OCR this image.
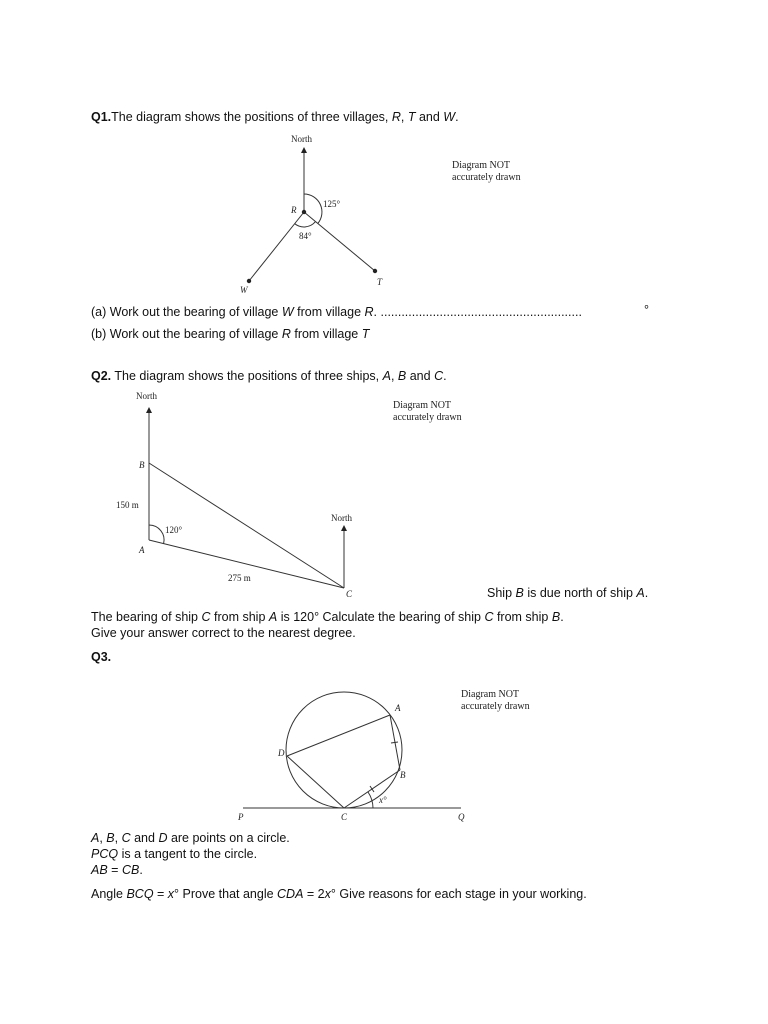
Q1.The diagram shows the positions of three villages, R, T and W.
North
125°
84°
R
W
T
Diagram NOT
accurately drawn
(a) Work out the bearing of village W from village R. ..........................................................	°
(b) Work out the bearing of village R from village T
Q2. The diagram shows the positions of three ships, A, B and C.
North
North
B
150 m
120°
A
275 m
C
Diagram NOT
accurately drawn
Ship B is due north of ship A.
The bearing of ship C from ship A is 120° Calculate the bearing of ship C from ship B.
Give your answer correct to the nearest degree.
Q3.
A
D
B
x°
P	C	Q
Diagram NOT
accurately drawn
A, B, C and D are points on a circle.
PCQ is a tangent to the circle.
AB = CB.
Angle BCQ = x° Prove that angle CDA = 2x° Give reasons for each stage in your working.
